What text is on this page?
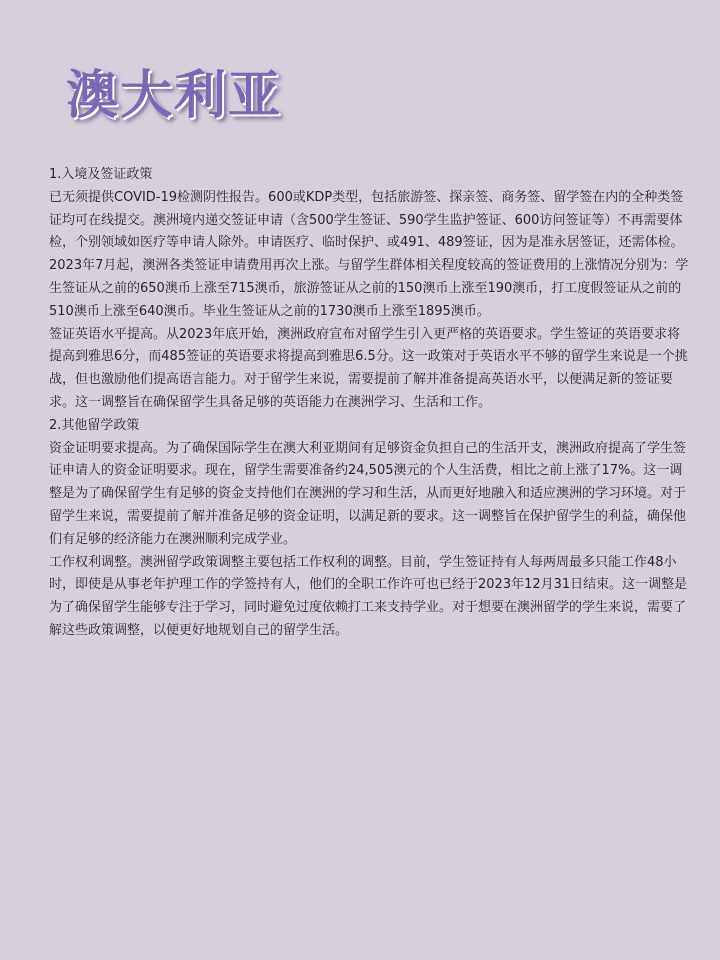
澳大利亚

1.入境及签证政策

已无须提供COVID-19检测阴性报告。600或KDP类型，包括旅游签、探亲签、商务签、留学签在内的全种类签证均可在线提交。澳洲境内递交签证申请（含500学生签证、590学生监护签证、600访问签证等）不再需要体检，个别领域如医疗等申请人除外。申请医疗、临时保护、或491、489签证，因为是准永居签证，还需体检。2023年7月起，澳洲各类签证申请费用再次上涨。与留学生群体相关程度较高的签证费用的上涨情况分别为：学生签证从之前的650澳币上涨至715澳币，旅游签证从之前的150澳币上涨至190澳币，打工度假签证从之前的510澳币上涨至640澳币。毕业生签证从之前的1730澳币上涨至1895澳币。

签证英语水平提高。从2023年底开始，澳洲政府宣布对留学生引入更严格的英语要求。学生签证的英语要求将提高到雅思6分，而485签证的英语要求将提高到雅思6.5分。这一政策对于英语水平不够的留学生来说是一个挑战，但也激励他们提高语言能力。对于留学生来说，需要提前了解并准备提高英语水平，以便满足新的签证要求。这一调整旨在确保留学生具备足够的英语能力在澳洲学习、生活和工作。

2.其他留学政策

资金证明要求提高。为了确保国际学生在澳大利亚期间有足够资金负担自己的生活开支，澳洲政府提高了学生签证申请人的资金证明要求。现在，留学生需要准备约24,505澳元的个人生活费，相比之前上涨了17%。这一调整是为了确保留学生有足够的资金支持他们在澳洲的学习和生活，从而更好地融入和适应澳洲的学习环境。对于留学生来说，需要提前了解并准备足够的资金证明，以满足新的要求。这一调整旨在保护留学生的利益，确保他们有足够的经济能力在澳洲顺利完成学业。

工作权利调整。澳洲留学政策调整主要包括工作权利的调整。目前，学生签证持有人每两周最多只能工作48小时，即使是从事老年护理工作的学签持有人，他们的全职工作许可也已经于2023年12月31日结束。这一调整是为了确保留学生能够专注于学习，同时避免过度依赖打工来支持学业。对于想要在澳洲留学的学生来说，需要了解这些政策调整，以便更好地规划自己的留学生活。
